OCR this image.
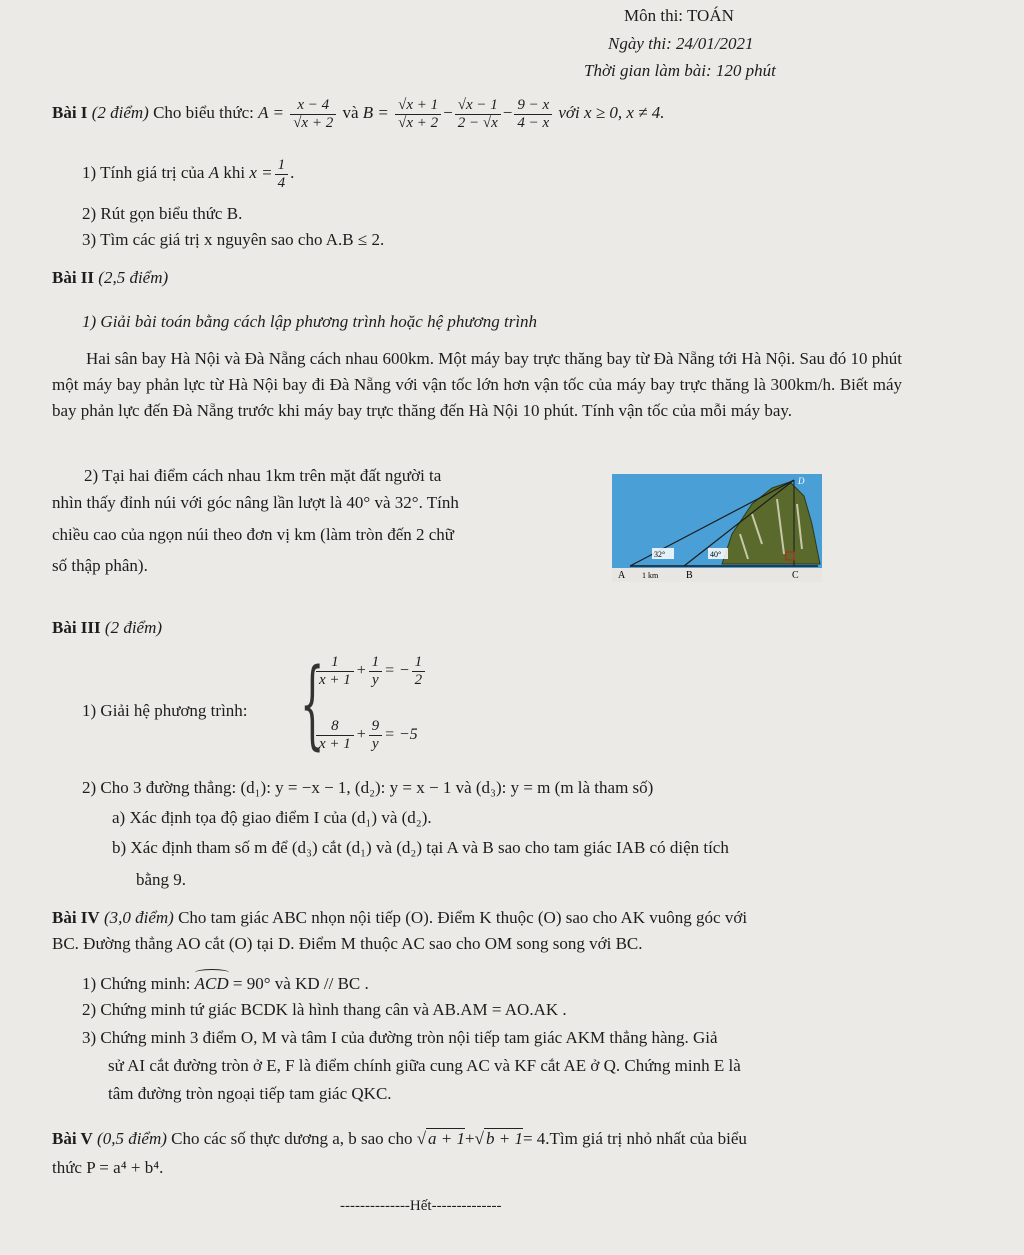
Môn thi: TOÁN
Ngày thi: 24/01/2021
Thời gian làm bài: 120 phút
Bài I (2 điểm) Cho biểu thức: $A = \frac{x - 4}{√x + 2}$ và $B = \frac{√x + 1}{√x + 2} - \frac{√x - 1}{2 - √x} - \frac{9 - x}{4 - x}$ với x ≥ 0, x ≠ 4.
1) Tính giá trị của A khi $x = \frac{1}{4}$ .
2) Rút gọn biểu thức B.
3) Tìm các giá trị x nguyên sao cho A.B ≤ 2.
Bài II (2,5 điểm)
1) Giải bài toán bằng cách lập phương trình hoặc hệ phương trình
Hai sân bay Hà Nội và Đà Nẵng cách nhau 600km. Một máy bay trực thăng bay từ Đà Nẵng tới Hà Nội. Sau đó 10 phút một máy bay phản lực từ Hà Nội bay đi Đà Nẵng với vận tốc lớn hơn vận tốc của máy bay trực thăng là 300km/h. Biết máy bay phản lực đến Đà Nẵng trước khi máy bay trực thăng đến Hà Nội 10 phút. Tính vận tốc của mỗi máy bay.
2) Tại hai điểm cách nhau 1km trên mặt đất người ta
nhìn thấy đỉnh núi với góc nâng lần lượt là 40° và 32°. Tính
chiều cao của ngọn núi theo đơn vị km (làm tròn đến 2 chữ
số thập phân).
D
A 1 km	B	C
32°	40°
Bài III (2 điểm)
1) Giải hệ phương trình: {
$\frac{1}{x + 1} + \frac{1}{y}$ = − $\frac{1}{2}$
$\frac{8}{x + 1} + \frac{9}{y} = -5$
2) Cho 3 đường thẳng: (d₁): y = −x − 1, (d₂): y = x − 1 và (d₃): y = m (m là tham số)
a) Xác định tọa độ giao điểm I của (d₁) và (d₂).
b) Xác định tham số m để (d₃) cắt (d₁) và (d₂) tại A và B sao cho tam giác IAB có diện tích
bằng 9.
Bài IV (3,0 điểm) Cho tam giác ABC nhọn nội tiếp (O). Điểm K thuộc (O) sao cho AK vuông góc với
BC. Đường thẳng AO cắt (O) tại D. Điểm M thuộc AC sao cho OM song song với BC.
1) Chứng minh: ACD = 90° và KD // BC .
2) Chứng minh tứ giác BCDK là hình thang cân và AB.AM = AO.AK .
3) Chứng minh 3 điểm O, M và tâm I của đường tròn nội tiếp tam giác AKM thẳng hàng. Giả
sử AI cắt đường tròn ở E, F là điểm chính giữa cung AC và KF cắt AE ở Q. Chứng minh E là
tâm đường tròn ngoại tiếp tam giác QKC.
Bài V (0,5 điểm) Cho các số thực dương a, b sao cho √ a + 1+√ b + 1= 4.Tìm giá trị nhỏ nhất của biểu
thức P = a⁴ + b⁴.
--------------Hết--------------
